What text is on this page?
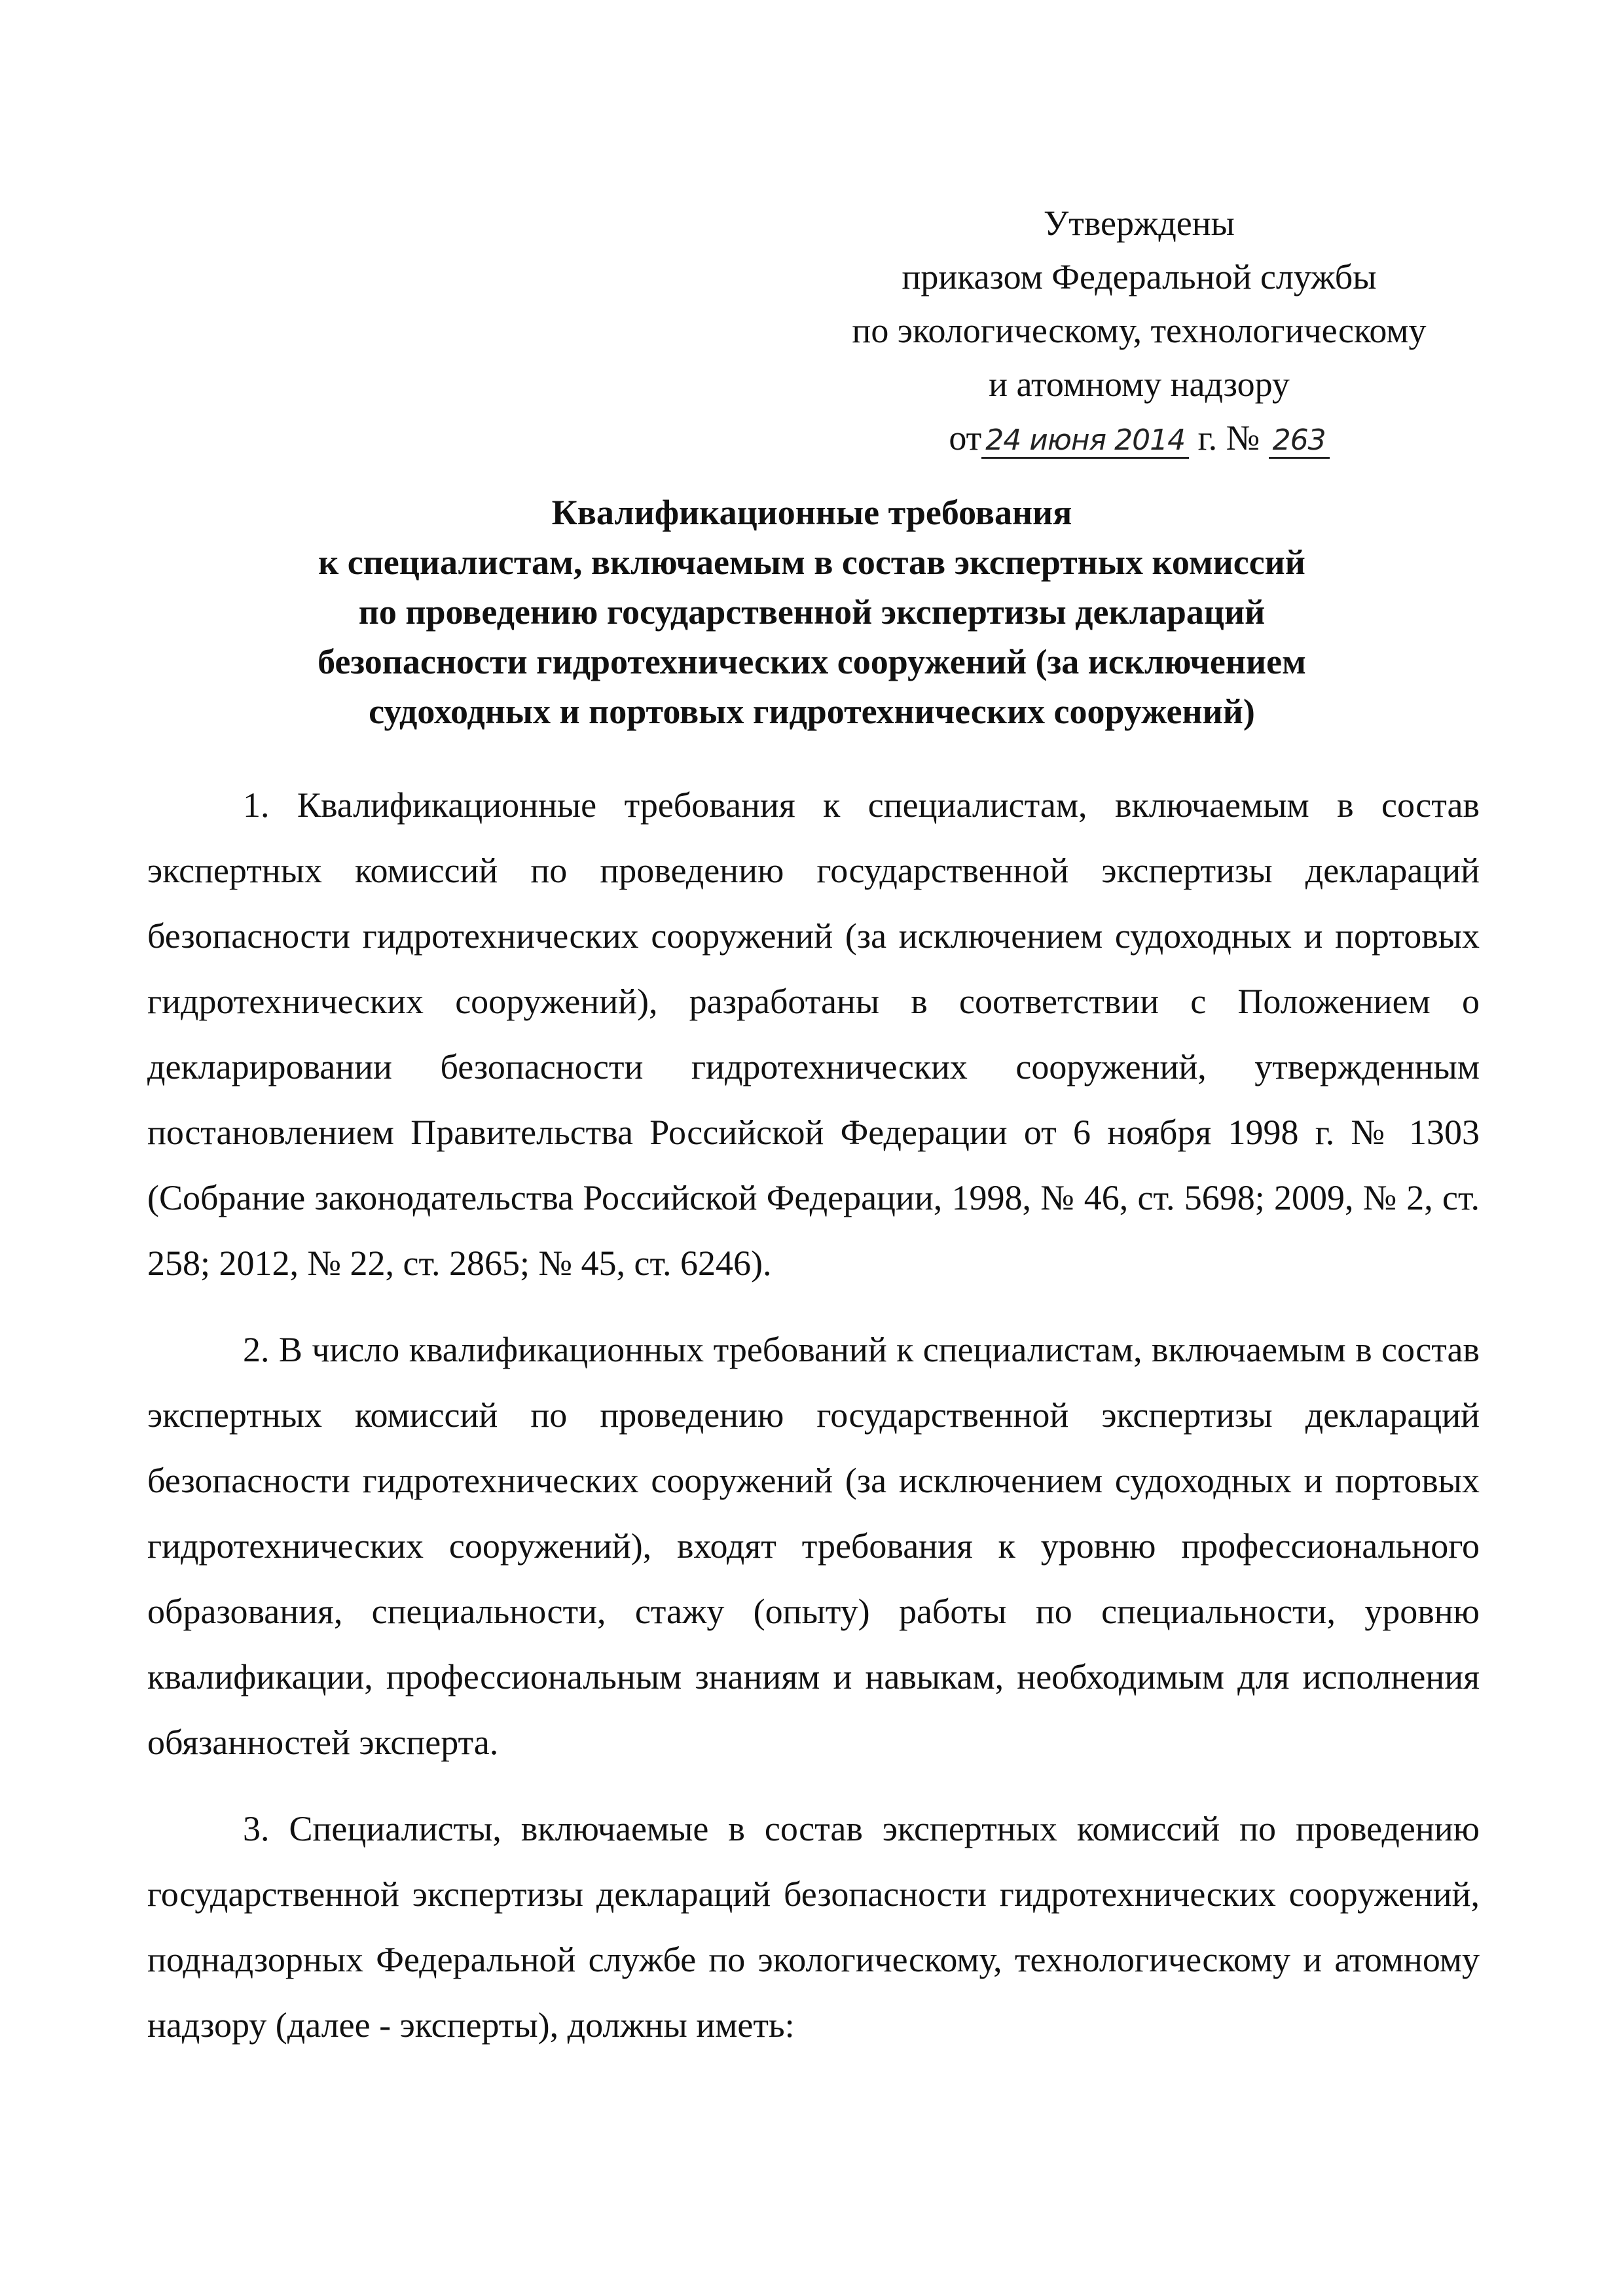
Утверждены
приказом Федеральной службы
по экологическому, технологическому
и атомному надзору
от 24 июня 2014 г. № 263
Квалификационные требования
к специалистам, включаемым в состав экспертных комиссий
по проведению государственной экспертизы деклараций
безопасности гидротехнических сооружений (за исключением
судоходных и портовых гидротехнических сооружений)

1. Квалификационные требования к специалистам, включаемым в состав экспертных комиссий по проведению государственной экспертизы деклараций безопасности гидротехнических сооружений (за исключением судоходных и портовых гидротехнических сооружений), разработаны в соответствии с Положением о декларировании безопасности гидротехнических сооружений, утвержденным постановлением Правительства Российской Федерации от 6 ноября 1998 г. № 1303 (Собрание законодательства Российской Федерации, 1998, № 46, ст. 5698; 2009, № 2, ст. 258; 2012, № 22, ст. 2865; № 45, ст. 6246).

2. В число квалификационных требований к специалистам, включаемым в состав экспертных комиссий по проведению государственной экспертизы деклараций безопасности гидротехнических сооружений (за исключением судоходных и портовых гидротехнических сооружений), входят требования к уровню профессионального образования, специальности, стажу (опыту) работы по специальности, уровню квалификации, профессиональным знаниям и навыкам, необходимым для исполнения обязанностей эксперта.

3. Специалисты, включаемые в состав экспертных комиссий по проведению государственной экспертизы деклараций безопасности гидротехнических сооружений, поднадзорных Федеральной службе по экологическому, технологическому и атомному надзору (далее - эксперты), должны иметь:
